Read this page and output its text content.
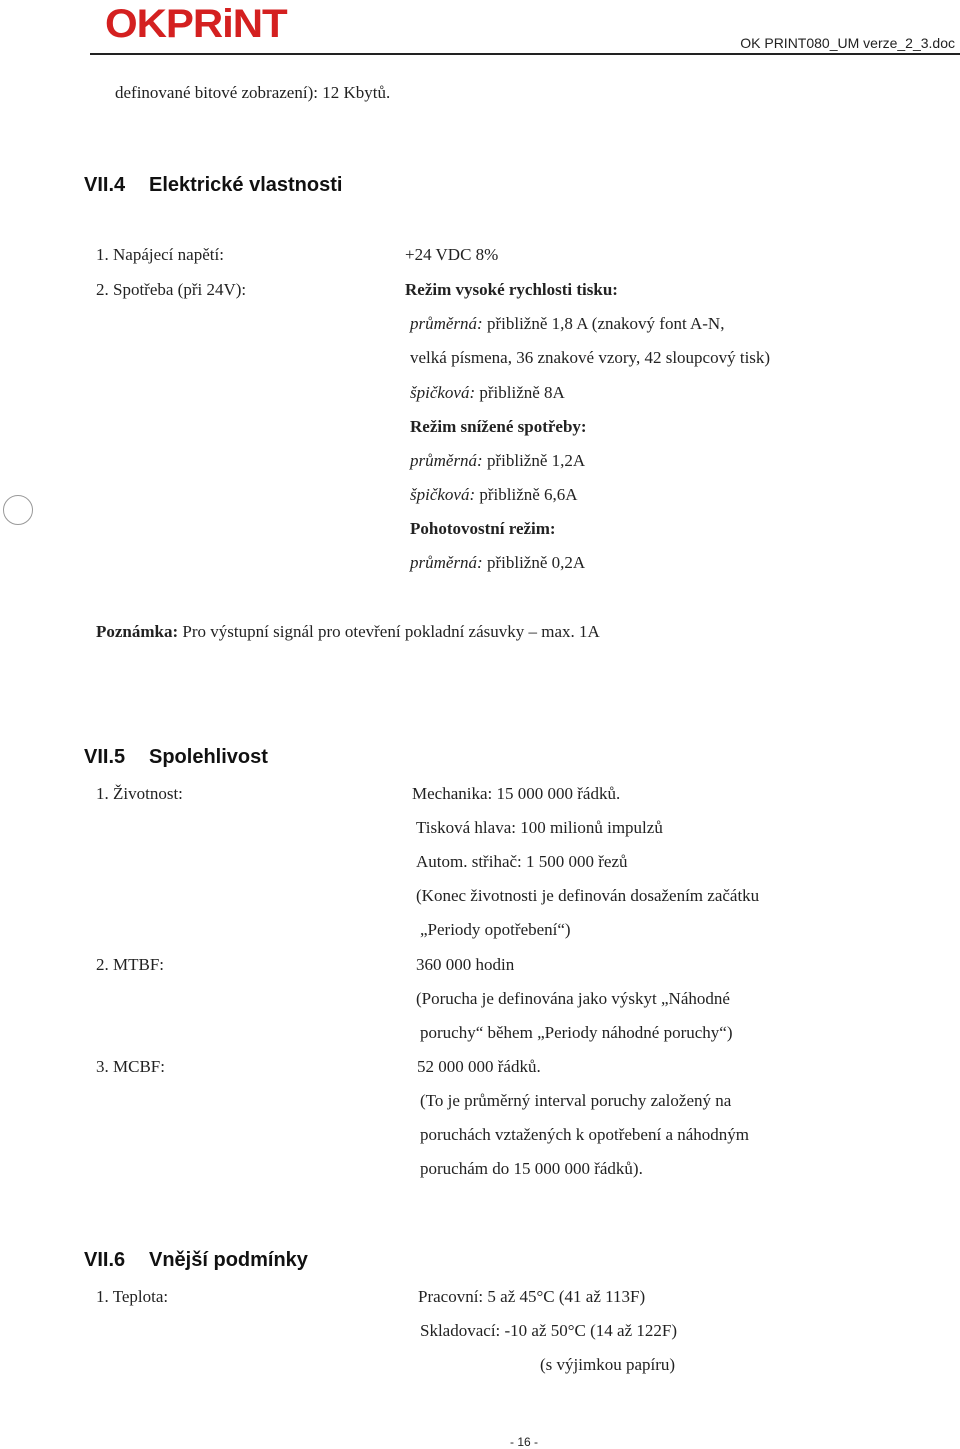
OKPRiNT	OK PRINT080_UM verze_2_3.doc
definované bitové zobrazení): 12 Kbytů.
VII.4 Elektrické vlastnosti
1. Napájecí napětí:	+24 VDC 8%
2. Spotřeba (při 24V):	Režim vysoké rychlosti tisku:
průměrná: přibližně 1,8 A (znakový font A-N,
velká písmena, 36 znakové vzory, 42 sloupcový tisk)
špičková: přibližně 8A
Režim snížené spotřeby:
průměrná: přibližně 1,2A
špičková: přibližně 6,6A
Pohotovostní režim:
průměrná: přibližně 0,2A
Poznámka: Pro výstupní signál pro otevření pokladní zásuvky – max. 1A
VII.5 Spolehlivost
1. Životnost:	Mechanika: 15 000 000 řádků.
Tisková hlava: 100 milionů impulzů
Autom. střihač: 1 500 000 řezů
(Konec životnosti je definován dosažením začátku
„Periody opotřebení“)
2. MTBF:	360 000 hodin
(Porucha je definována jako výskyt „Náhodné
poruchy“ během „Periody náhodné poruchy“)
3. MCBF:	52 000 000 řádků.
(To je průměrný interval poruchy založený na
poruchách vztažených k opotřebení a náhodným
poruchám do 15 000 000 řádků).
VII.6 Vnější podmínky
1. Teplota:	Pracovní: 5 až 45°C (41 až 113F)
Skladovací: -10 až 50°C (14 až 122F)
(s výjimkou papíru)
- 16 -
